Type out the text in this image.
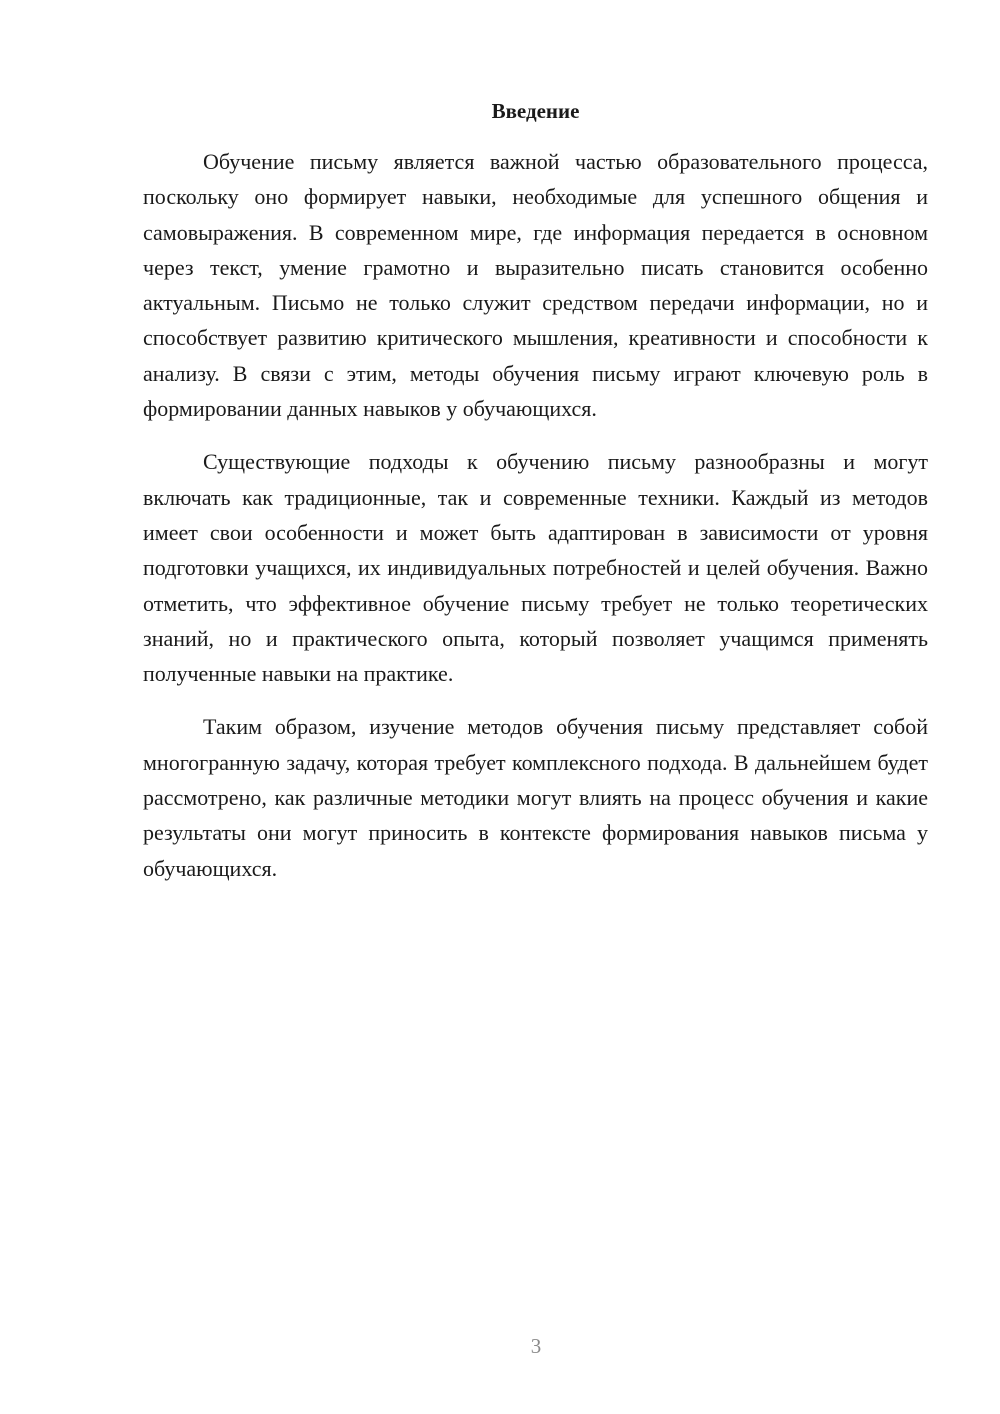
Введение

Обучение письму является важной частью образовательного процесса, поскольку оно формирует навыки, необходимые для успешного общения и самовыражения. В современном мире, где информация передается в основном через текст, умение грамотно и выразительно писать становится особенно актуальным. Письмо не только служит средством передачи информации, но и способствует развитию критического мышления, креативности и способности к анализу. В связи с этим, методы обучения письму играют ключевую роль в формировании данных навыков у обучающихся.

Существующие подходы к обучению письму разнообразны и могут включать как традиционные, так и современные техники. Каждый из методов имеет свои особенности и может быть адаптирован в зависимости от уровня подготовки учащихся, их индивидуальных потребностей и целей обучения. Важно отметить, что эффективное обучение письму требует не только теоретических знаний, но и практического опыта, который позволяет учащимся применять полученные навыки на практике.

Таким образом, изучение методов обучения письму представляет собой многогранную задачу, которая требует комплексного подхода. В дальнейшем будет рассмотрено, как различные методики могут влиять на процесс обучения и какие результаты они могут приносить в контексте формирования навыков письма у обучающихся.

3
